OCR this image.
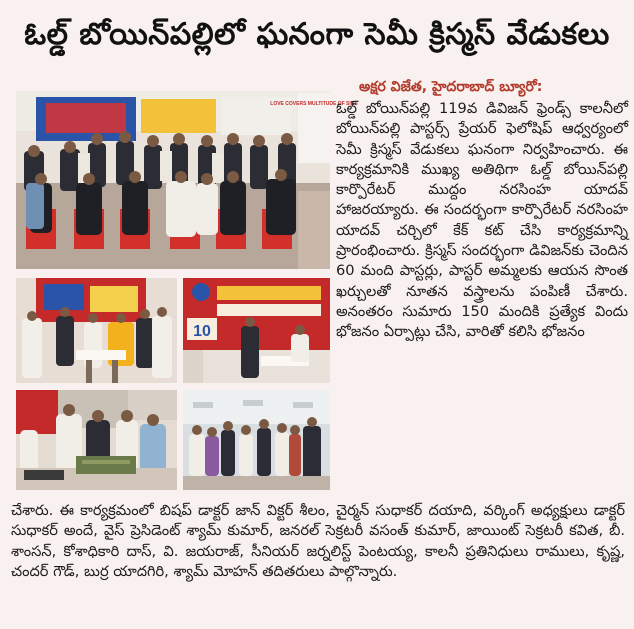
ఓల్డ్ బోయిన్‌పల్లిలో ఘనంగా సెమీ క్రిస్మస్ వేడుకలు
LOVE COVERS MULTITUDE OF SINS
10
అక్షర విజేత, హైదరాబాద్ బ్యూరో:

ఓల్డ్ బోయిన్‌పల్లి 119వ డివిజన్ ఫ్రెండ్స్ కాలనీలో బోయిన్‌పల్లి పాస్టర్స్ ప్రేయర్ ఫెలోషిప్ ఆధ్వర్యంలో సెమీ క్రిస్మస్ వేడుకలు ఘనంగా నిర్వహించారు. ఈ కార్యక్రమానికి ముఖ్య అతిథిగా ఓల్డ్ బోయిన్‌పల్లి కార్పొరేటర్ ముద్దం నరసింహ యాదవ్ హాజరయ్యారు. ఈ సందర్భంగా కార్పొరేటర్ నరసింహ యాదవ్ చర్చిలో కేక్ కట్ చేసి కార్యక్రమాన్ని ప్రారంభించారు. క్రిస్మస్ సందర్భంగా డివిజన్‌కు చెందిన 60 మంది పాస్టర్లు, పాస్టర్ అమ్మలకు ఆయన సొంత ఖర్చులతో నూతన వస్త్రాలను పంపిణీ చేశారు. అనంతరం సుమారు 150 మందికి ప్రత్యేక విందు భోజనం ఏర్పాట్లు చేసి, వారితో కలిసి భోజనం

చేశారు. ఈ కార్యక్రమంలో బిషప్ డాక్టర్ జాన్ విక్టర్ శీలం, చైర్మన్ సుధాకర్ దయాది, వర్కింగ్ అధ్యక్షులు డాక్టర్ సుధాకర్ అందే, వైస్ ప్రెసిడెంట్ శ్యామ్ కుమార్, జనరల్ సెక్రటరీ వసంత్ కుమార్, జాయింట్ సెక్రటరీ కవిత, బీ. శాంసన్, కోశాధికారి దాస్, వి. జయరాజ్, సీనియర్ జర్నలిస్ట్ పెంటయ్య, కాలనీ ప్రతినిధులు రాములు, కృష్ణ, చందర్ గౌడ్, బుర్ర యాదగిరి, శ్యామ్ మోహన్ తదితరులు పాల్గొన్నారు.
